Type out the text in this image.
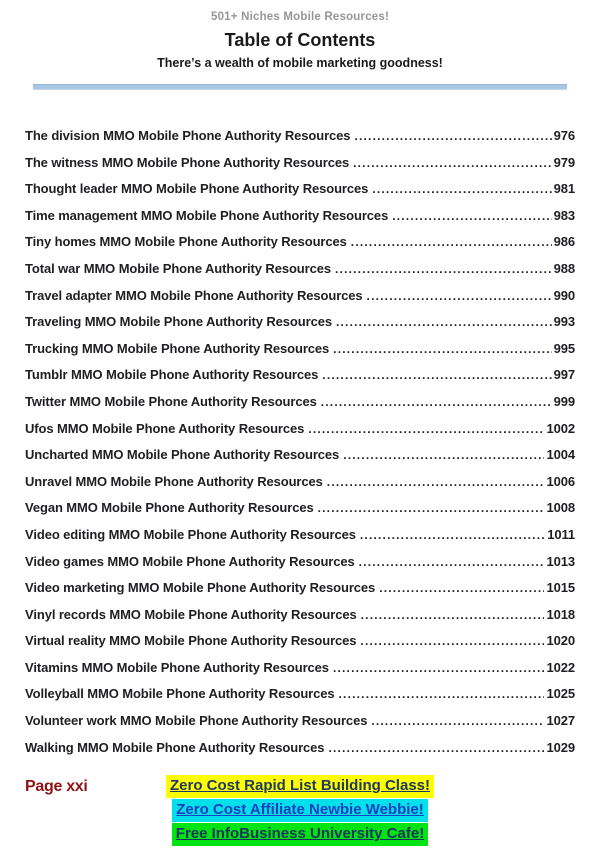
501+ Niches Mobile Resources!
Table of Contents
There’s a wealth of mobile marketing goodness!
The division MMO Mobile Phone Authority Resources .....	976
The witness MMO Mobile Phone Authority Resources .....	979
Thought leader MMO Mobile Phone Authority Resources .....	981
Time management MMO Mobile Phone Authority Resources .....	983
Tiny homes MMO Mobile Phone Authority Resources .....	986
Total war MMO Mobile Phone Authority Resources .....	988
Travel adapter MMO Mobile Phone Authority Resources .....	990
Traveling MMO Mobile Phone Authority Resources .....	993
Trucking MMO Mobile Phone Authority Resources .....	995
Tumblr MMO Mobile Phone Authority Resources .....	997
Twitter MMO Mobile Phone Authority Resources .....	999
Ufos MMO Mobile Phone Authority Resources .....	1002
Uncharted MMO Mobile Phone Authority Resources .....	1004
Unravel MMO Mobile Phone Authority Resources .....	1006
Vegan MMO Mobile Phone Authority Resources .....	1008
Video editing MMO Mobile Phone Authority Resources .....	1011
Video games MMO Mobile Phone Authority Resources .....	1013
Video marketing MMO Mobile Phone Authority Resources .....	1015
Vinyl records MMO Mobile Phone Authority Resources .....	1018
Virtual reality MMO Mobile Phone Authority Resources .....	1020
Vitamins MMO Mobile Phone Authority Resources .....	1022
Volleyball MMO Mobile Phone Authority Resources .....	1025
Volunteer work MMO Mobile Phone Authority Resources .....	1027
Walking MMO Mobile Phone Authority Resources .....	1029
Page xxi	Zero Cost Rapid List Building Class!
Zero Cost Affiliate Newbie Webbie!
Free InfoBusiness University Cafe!
